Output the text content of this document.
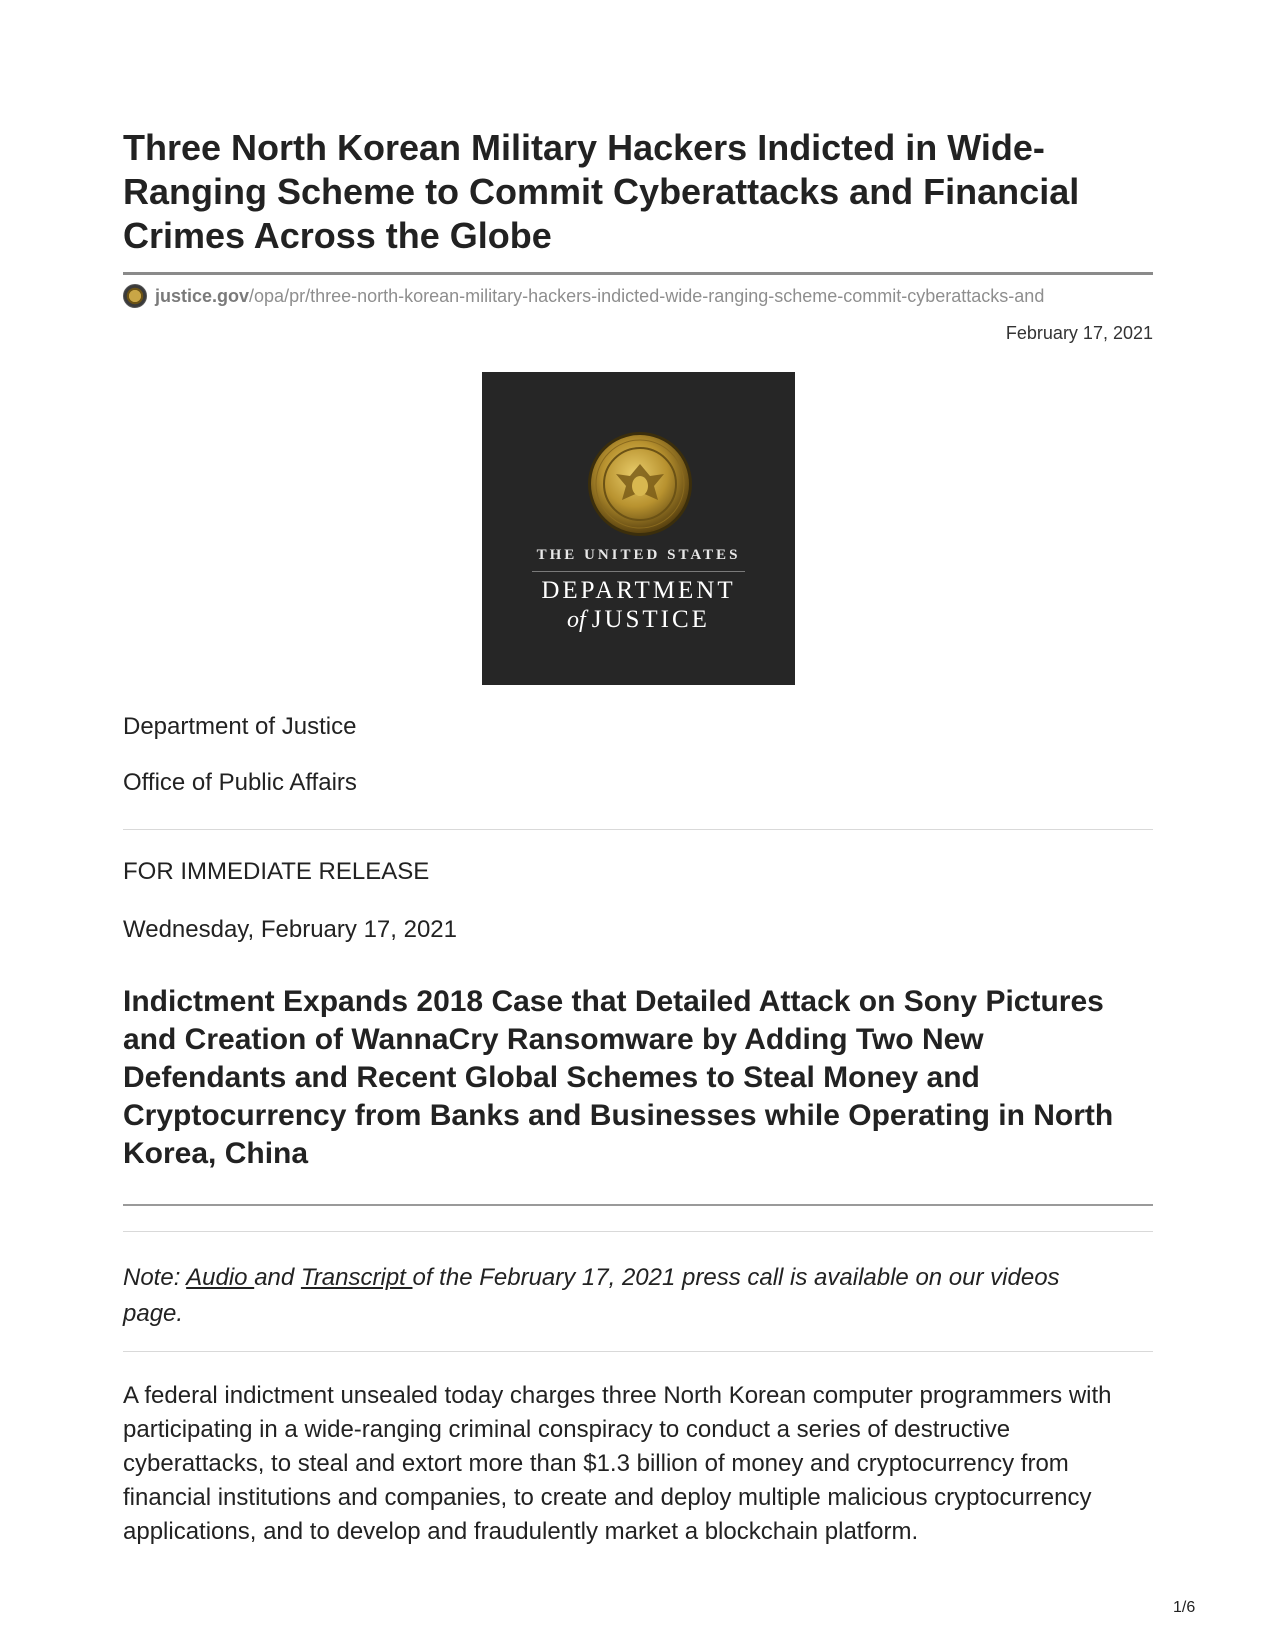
Three North Korean Military Hackers Indicted in Wide-Ranging Scheme to Commit Cyberattacks and Financial Crimes Across the Globe
justice.gov /opa/pr/three-north-korean-military-hackers-indicted-wide-ranging-scheme-commit-cyberattacks-and
February 17, 2021
THE UNITED STATES
DEPARTMENT
of JUSTICE

Department of Justice

Office of Public Affairs

FOR IMMEDIATE RELEASE

Wednesday, February 17, 2021

Indictment Expands 2018 Case that Detailed Attack on Sony Pictures and Creation of WannaCry Ransomware by Adding Two New Defendants and Recent Global Schemes to Steal Money and Cryptocurrency from Banks and Businesses while Operating in North Korea, China

Note: Audio and Transcript of the February 17, 2021 press call is available on our videos page.

A federal indictment unsealed today charges three North Korean computer programmers with participating in a wide-ranging criminal conspiracy to conduct a series of destructive cyberattacks, to steal and extort more than $1.3 billion of money and cryptocurrency from financial institutions and companies, to create and deploy multiple malicious cryptocurrency applications, and to develop and fraudulently market a blockchain platform.

1/6
